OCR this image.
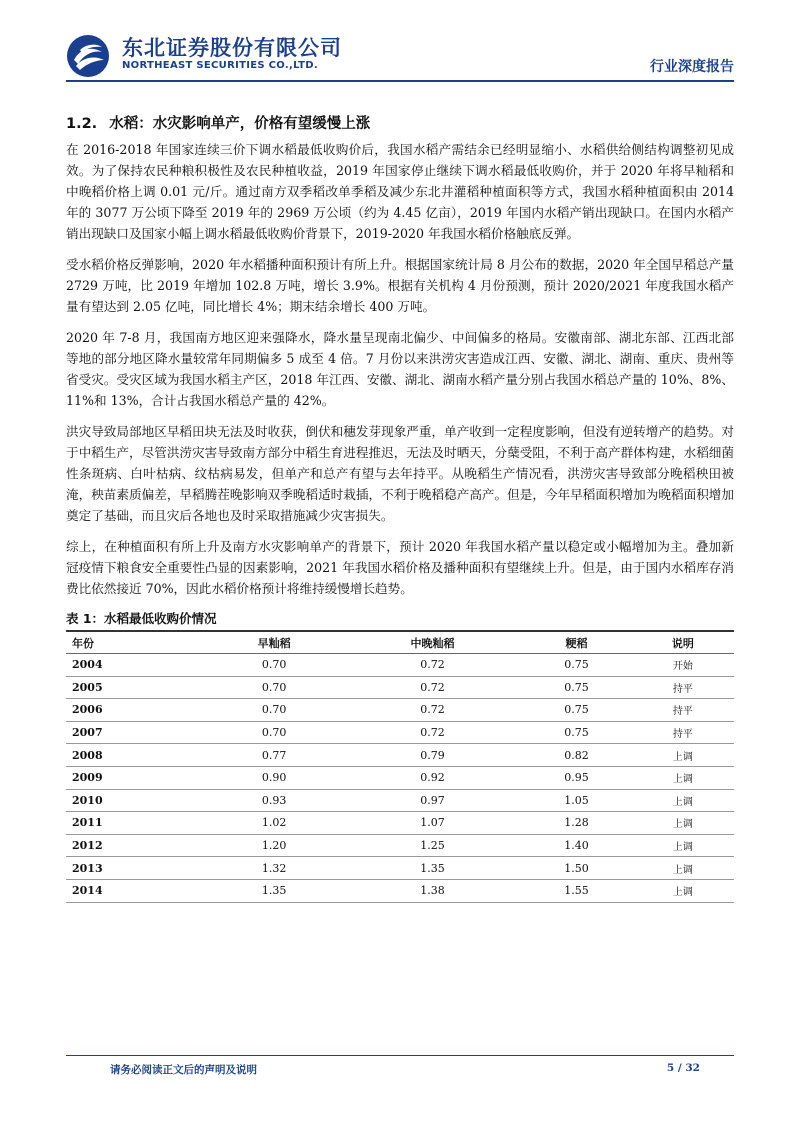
东北证券股份有限公司
NORTHEAST SECURITIES CO.,LTD.	行业深度报告
1.2. 水稻：水灾影响单产，价格有望缓慢上涨

在 2016-2018 年国家连续三价下调水稻最低收购价后，我国水稻产需结余已经明显缩小、水稻供给侧结构调整初见成效。为了保持农民种粮积极性及农民种植收益，2019 年国家停止继续下调水稻最低收购价，并于 2020 年将早籼稻和中晚稻价格上调 0.01 元/斤。通过南方双季稻改单季稻及减少东北井灌稻种植面积等方式，我国水稻种植面积由 2014 年的 3077 万公顷下降至 2019 年的 2969 万公顷（约为 4.45 亿亩），2019 年国内水稻产销出现缺口。在国内水稻产销出现缺口及国家小幅上调水稻最低收购价背景下，2019-2020 年我国水稻价格触底反弹。

受水稻价格反弹影响，2020 年水稻播种面积预计有所上升。根据国家统计局 8 月公布的数据，2020 年全国早稻总产量 2729 万吨，比 2019 年增加 102.8 万吨，增长 3.9%。根据有关机构 4 月份预测，预计 2020/2021 年度我国水稻产量有望达到 2.05 亿吨，同比增长 4%；期末结余增长 400 万吨。

2020 年 7-8 月，我国南方地区迎来强降水，降水量呈现南北偏少、中间偏多的格局。安徽南部、湖北东部、江西北部等地的部分地区降水量较常年同期偏多 5 成至 4 倍。7 月份以来洪涝灾害造成江西、安徽、湖北、湖南、重庆、贵州等省受灾。受灾区域为我国水稻主产区，2018 年江西、安徽、湖北、湖南水稻产量分别占我国水稻总产量的 10%、8%、11%和 13%，合计占我国水稻总产量的 42%。

洪灾导致局部地区早稻田块无法及时收获，倒伏和穗发芽现象严重，单产收到一定程度影响，但没有逆转增产的趋势。对于中稻生产，尽管洪涝灾害导致南方部分中稻生育进程推迟，无法及时晒天，分蘖受阻，不利于高产群体构建，水稻细菌性条斑病、白叶枯病、纹枯病易发，但单产和总产有望与去年持平。从晚稻生产情况看，洪涝灾害导致部分晚稻秧田被淹，秧苗素质偏差，早稻腾茬晚影响双季晚稻适时栽插，不利于晚稻稳产高产。但是，今年早稻面积增加为晚稻面积增加奠定了基础，而且灾后各地也及时采取措施减少灾害损失。

综上，在种植面积有所上升及南方水灾影响单产的背景下，预计 2020 年我国水稻产量以稳定或小幅增加为主。叠加新冠疫情下粮食安全重要性凸显的因素影响，2021 年我国水稻价格及播种面积有望继续上升。但是，由于国内水稻库存消费比依然接近 70%，因此水稻价格预计将维持缓慢增长趋势。

表 1：水稻最低收购价情况
年份	早籼稻	中晚籼稻	粳稻	说明
2004	0.70	0.72	0.75	开始
2005	0.70	0.72	0.75	持平
2006	0.70	0.72	0.75	持平
2007	0.70	0.72	0.75	持平
2008	0.77	0.79	0.82	上调
2009	0.90	0.92	0.95	上调
2010	0.93	0.97	1.05	上调
2011	1.02	1.07	1.28	上调
2012	1.20	1.25	1.40	上调
2013	1.32	1.35	1.50	上调
2014	1.35	1.38	1.55	上调
请务必阅读正文后的声明及说明	5 / 32
